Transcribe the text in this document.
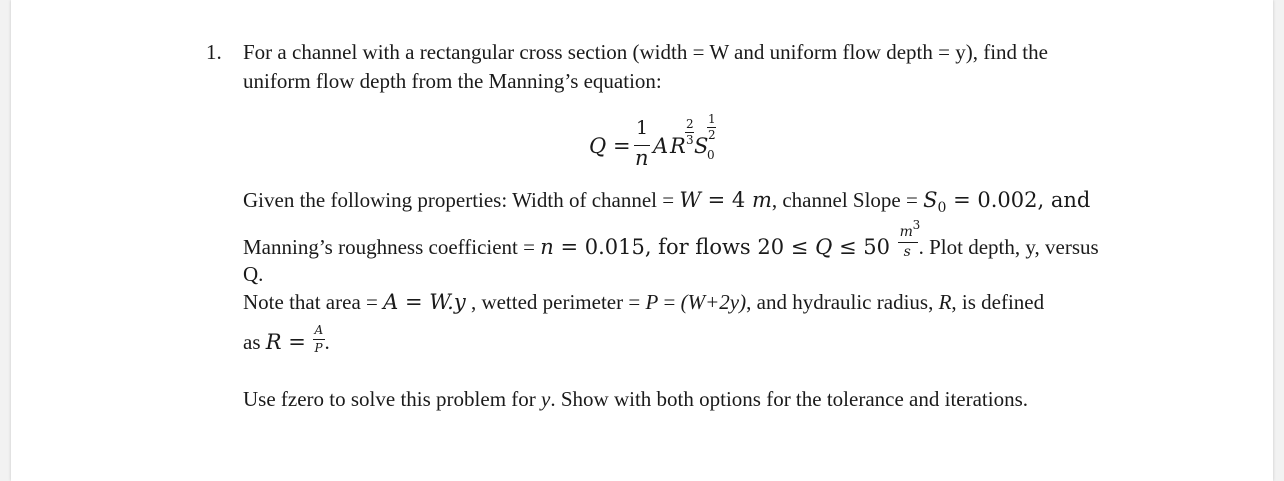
1. For a channel with a rectangular cross section (width = W and uniform flow depth = y), find the
uniform flow depth from the Manning’s equation:
Q =
1
n A R
2
3 S
1
2
0
Given the following properties: Width of channel = W = 4 m, channel Slope = $S_0 = 0.002$, and
Manning’s roughness coefficient = n = 0.015, for flows 20 ≤ Q ≤ 50
m 3
s . Plot depth, y, versus
Q.
Note that area = A = W.y , wetted perimeter = P = (W+2y), and hydraulic radius, R, is defined
as $R = \frac{A}{P}$ .
Use fzero to solve this problem for y. Show with both options for the tolerance and iterations.
